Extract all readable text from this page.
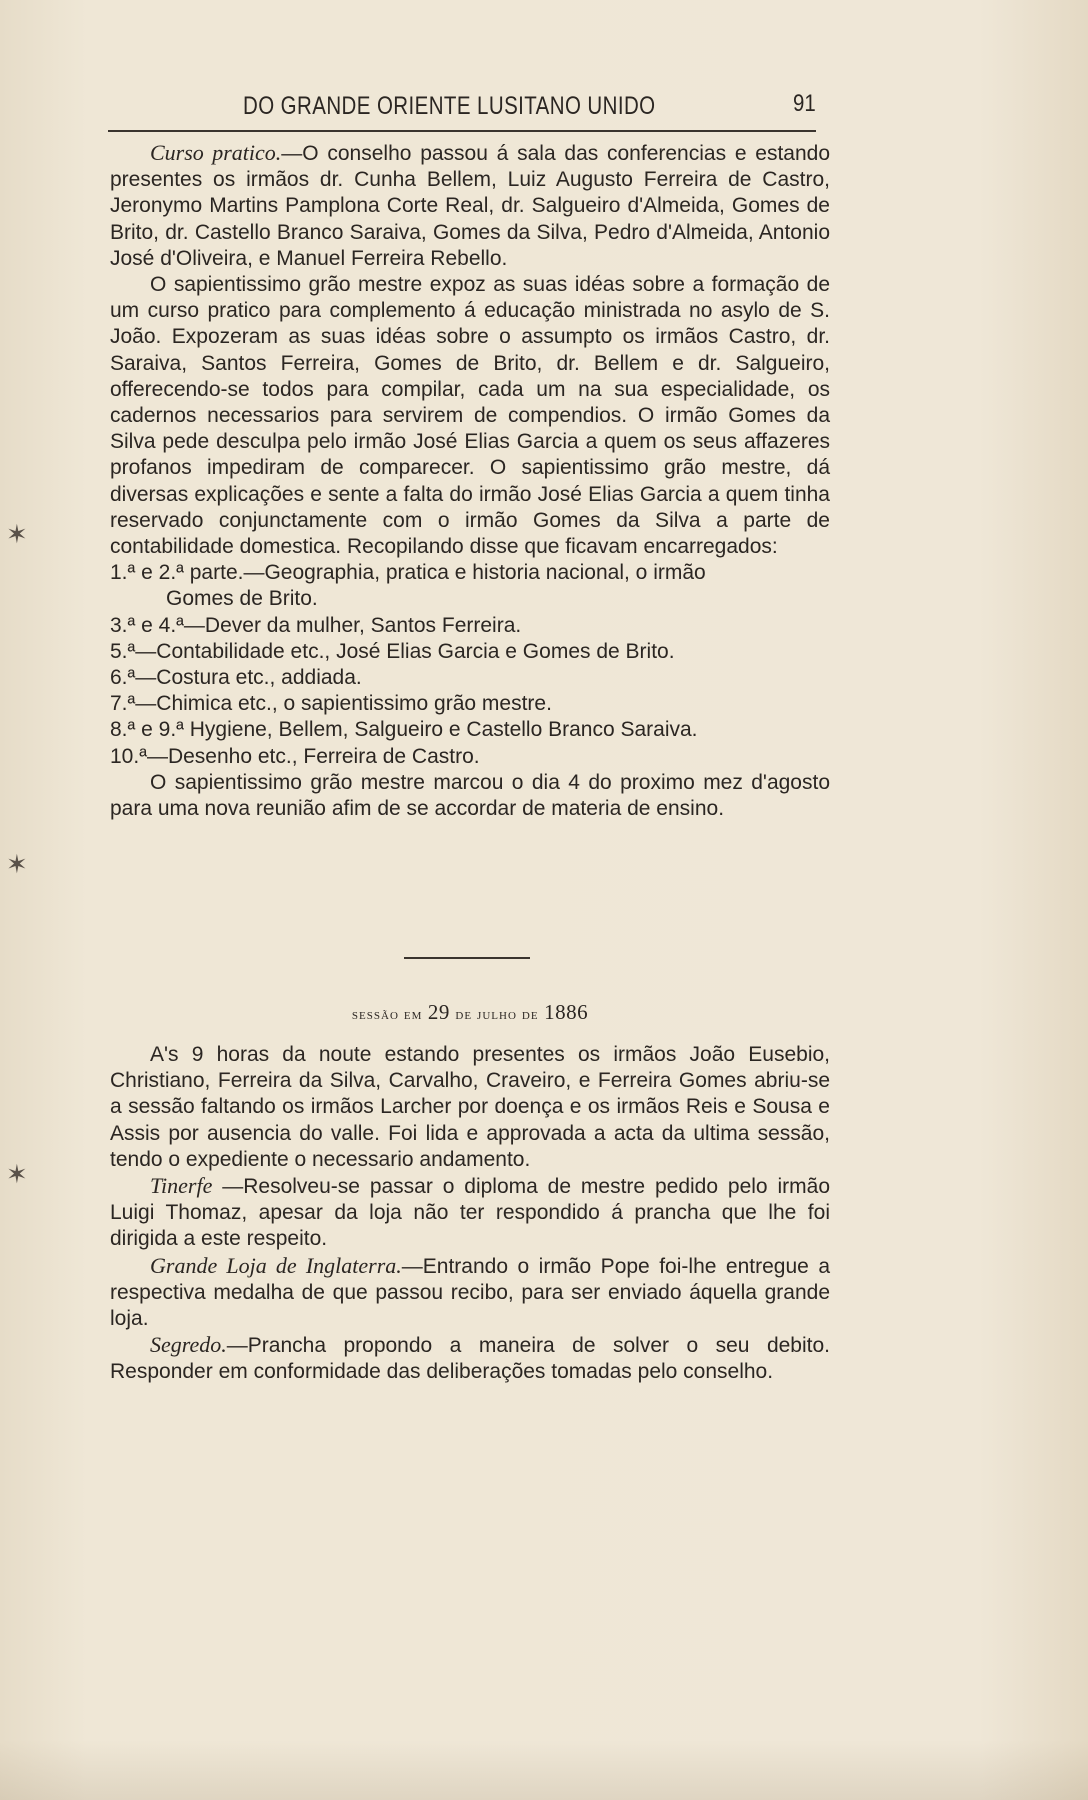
DO GRANDE ORIENTE LUSITANO UNIDO	91
✶
✶
✶

Curso pratico.—O conselho passou á sala das conferencias e estando presentes os irmãos dr. Cunha Bellem, Luiz Augusto Ferreira de Castro, Jeronymo Martins Pamplona Corte Real, dr. Salgueiro d'Almeida, Gomes de Brito, dr. Castello Branco Saraiva, Gomes da Silva, Pedro d'Almeida, Antonio José d'Oliveira, e Manuel Ferreira Rebello.

O sapientissimo grão mestre expoz as suas idéas sobre a formação de um curso pratico para complemento á educação ministrada no asylo de S. João. Expozeram as suas idéas sobre o assumpto os irmãos Castro, dr. Saraiva, Santos Ferreira, Gomes de Brito, dr. Bellem e dr. Salgueiro, offerecendo-se todos para compilar, cada um na sua especialidade, os cadernos necessarios para servirem de compendios. O irmão Gomes da Silva pede desculpa pelo irmão José Elias Garcia a quem os seus affazeres profanos impediram de comparecer. O sapientissimo grão mestre, dá diversas explicações e sente a falta do irmão José Elias Garcia a quem tinha reservado conjunctamente com o irmão Gomes da Silva a parte de contabilidade domestica. Recopilando disse que ficavam encarregados:

1.ª e 2.ª parte.—Geographia, pratica e historia nacional, o irmão
Gomes de Brito.
3.ª e 4.ª—Dever da mulher, Santos Ferreira.
5.ª—Contabilidade etc., José Elias Garcia e Gomes de Brito.
6.ª—Costura etc., addiada.
7.ª—Chimica etc., o sapientissimo grão mestre.
8.ª e 9.ª Hygiene, Bellem, Salgueiro e Castello Branco Saraiva.
10.ª—Desenho etc., Ferreira de Castro.

O sapientissimo grão mestre marcou o dia 4 do proximo mez d'agosto para uma nova reunião afim de se accordar de materia de ensino.

sessão em 29 de julho de 1886

A's 9 horas da noute estando presentes os irmãos João Eusebio, Christiano, Ferreira da Silva, Carvalho, Craveiro, e Ferreira Gomes abriu-se a sessão faltando os irmãos Larcher por doença e os irmãos Reis e Sousa e Assis por ausencia do valle. Foi lida e approvada a acta da ultima sessão, tendo o expediente o necessario andamento.

Tinerfe —Resolveu-se passar o diploma de mestre pedido pelo irmão Luigi Thomaz, apesar da loja não ter respondido á prancha que lhe foi dirigida a este respeito.

Grande Loja de Inglaterra.—Entrando o irmão Pope foi-lhe entregue a respectiva medalha de que passou recibo, para ser enviado áquella grande loja.

Segredo.—Prancha propondo a maneira de solver o seu debito. Responder em conformidade das deliberações tomadas pelo conselho.
